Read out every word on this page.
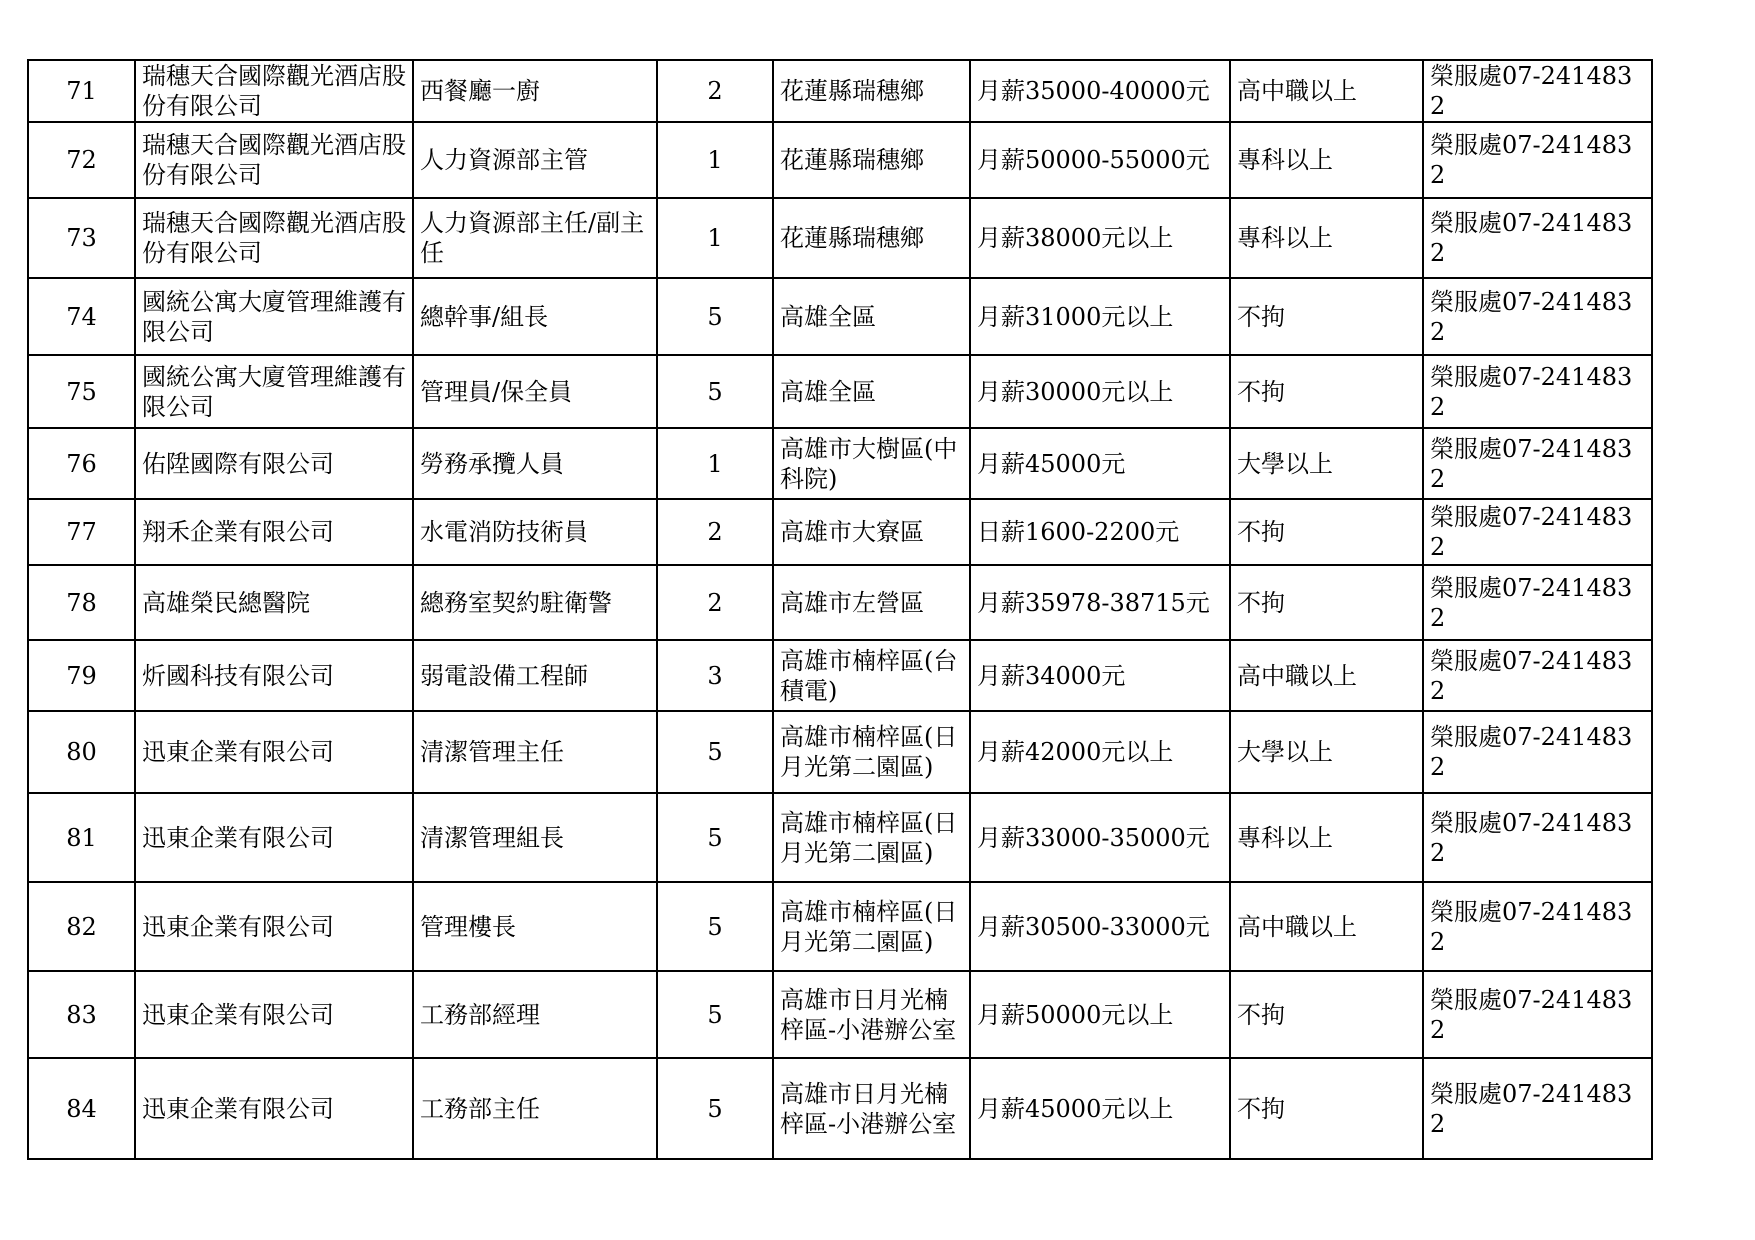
71	瑞穗天合國際觀光酒店股份有限公司	西餐廳一廚	2	花蓮縣瑞穗鄉	月薪35000-40000元	高中職以上	榮服處07-2414832
72	瑞穗天合國際觀光酒店股份有限公司	人力資源部主管	1	花蓮縣瑞穗鄉	月薪50000-55000元	專科以上	榮服處07-2414832
73	瑞穗天合國際觀光酒店股份有限公司	人力資源部主任/副主任	1	花蓮縣瑞穗鄉	月薪38000元以上	專科以上	榮服處07-2414832
74	國統公寓大廈管理維護有限公司	總幹事/組長	5	高雄全區	月薪31000元以上	不拘	榮服處07-2414832
75	國統公寓大廈管理維護有限公司	管理員/保全員	5	高雄全區	月薪30000元以上	不拘	榮服處07-2414832
76	佑陞國際有限公司	勞務承攬人員	1	高雄市大樹區(中科院)	月薪45000元	大學以上	榮服處07-2414832
77	翔禾企業有限公司	水電消防技術員	2	高雄市大寮區	日薪1600-2200元	不拘	榮服處07-2414832
78	高雄榮民總醫院	總務室契約駐衛警	2	高雄市左營區	月薪35978-38715元	不拘	榮服處07-2414832
79	炘國科技有限公司	弱電設備工程師	3	高雄市楠梓區(台積電)	月薪34000元	高中職以上	榮服處07-2414832
80	迅東企業有限公司	清潔管理主任	5	高雄市楠梓區(日月光第二園區)	月薪42000元以上	大學以上	榮服處07-2414832
81	迅東企業有限公司	清潔管理組長	5	高雄市楠梓區(日月光第二園區)	月薪33000-35000元	專科以上	榮服處07-2414832
82	迅東企業有限公司	管理樓長	5	高雄市楠梓區(日月光第二園區)	月薪30500-33000元	高中職以上	榮服處07-2414832
83	迅東企業有限公司	工務部經理	5	高雄市日月光楠梓區-小港辦公室	月薪50000元以上	不拘	榮服處07-2414832
84	迅東企業有限公司	工務部主任	5	高雄市日月光楠梓區-小港辦公室	月薪45000元以上	不拘	榮服處07-2414832
